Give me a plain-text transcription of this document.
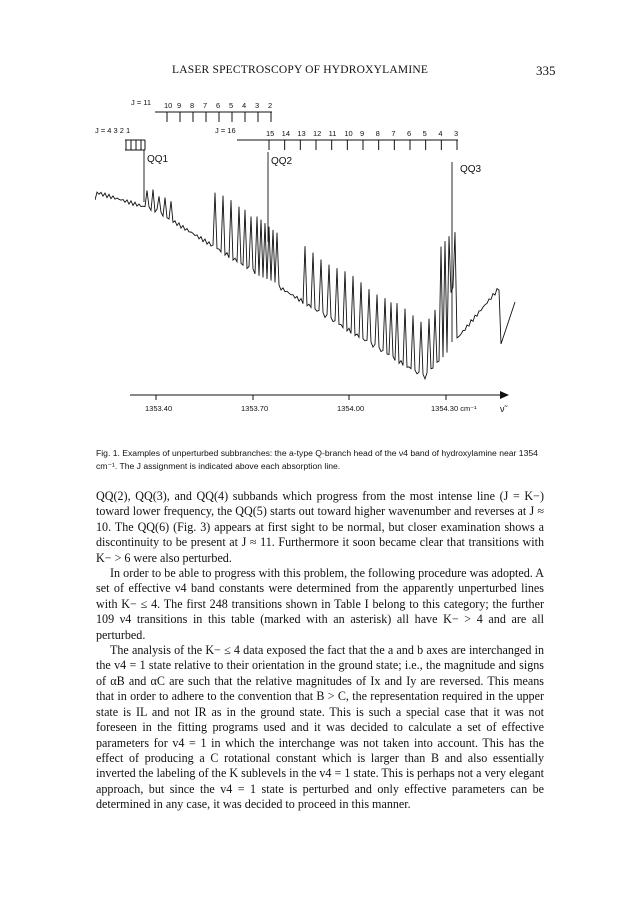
LASER SPECTROSCOPY OF HYDROXYLAMINE	335
J = 11 10 9 8 7 6 5 4 3 2
J = 4 3 2 1	J = 16	15 14 13 12 11 10 9 8 7 6 5 4 3
QQ1	QQ2
QQ3
1353.40	1353.70	1354.00	1354.30 cm⁻¹	ν̃
Fig. 1. Examples of unperturbed subbranches: the a-type Q-branch head of the ν4 band of hydroxylamine near 1354 cm⁻¹. The J assignment is indicated above each absorption line.

QQ(2), QQ(3), and QQ(4) subbands which progress from the most intense line (J = K−) toward lower frequency, the QQ(5) starts out toward higher wavenumber and reverses at J ≈ 10. The QQ(6) (Fig. 3) appears at first sight to be normal, but closer examination shows a discontinuity to be present at J ≈ 11. Furthermore it soon became clear that transitions with K− > 6 were also perturbed.

In order to be able to progress with this problem, the following procedure was adopted. A set of effective ν4 band constants were determined from the apparently unperturbed lines with K− ≤ 4. The first 248 transitions shown in Table I belong to this category; the further 109 ν4 transitions in this table (marked with an asterisk) all have K− > 4 and are all perturbed.

The analysis of the K− ≤ 4 data exposed the fact that the a and b axes are interchanged in the v4 = 1 state relative to their orientation in the ground state; i.e., the magnitude and signs of αB and αC are such that the relative magnitudes of Ix and Iy are reversed. This means that in order to adhere to the convention that B > C, the representation required in the upper state is IL and not IR as in the ground state. This is such a special case that it was not foreseen in the fitting programs used and it was decided to calculate a set of effective parameters for v4 = 1 in which the interchange was not taken into account. This has the effect of producing a C rotational constant which is larger than B and also essentially inverted the labeling of the K sublevels in the v4 = 1 state. This is perhaps not a very elegant approach, but since the v4 = 1 state is perturbed and only effective parameters can be determined in any case, it was decided to proceed in this manner.
